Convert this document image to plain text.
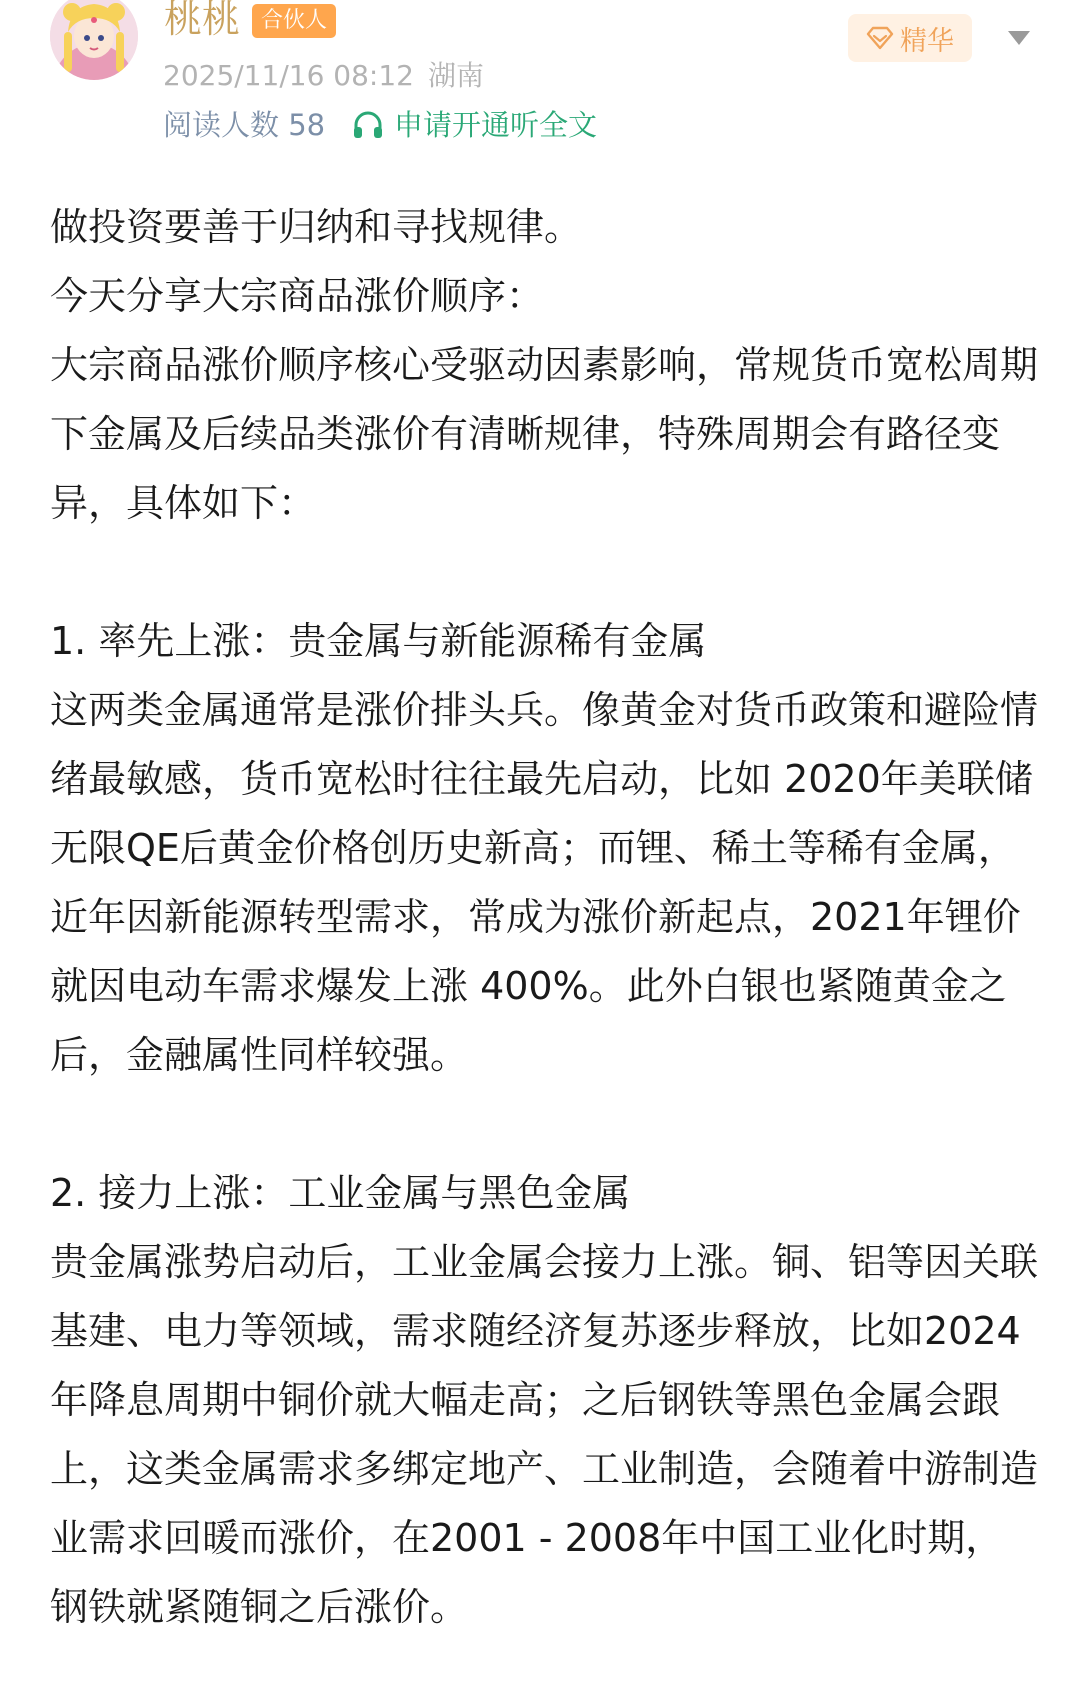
桃桃 合伙人
2025/11/16 08:12 湖南
阅读人数 58 申请开通听全文
精华

做投资要善于归纳和寻找规律。

今天分享大宗商品涨价顺序：

大宗商品涨价顺序核心受驱动因素影响，常规货币宽松周期下金属及后续品类涨价有清晰规律，特殊周期会有路径变异，具体如下：

1. 率先上涨：贵金属与新能源稀有金属

这两类金属通常是涨价排头兵。像黄金对货币政策和避险情绪最敏感，货币宽松时往往最先启动，比如 2020年美联储无限QE后黄金价格创历史新高；而锂、稀土等稀有金属，近年因新能源转型需求，常成为涨价新起点，2021年锂价就因电动车需求爆发上涨 400%。此外白银也紧随黄金之后，金融属性同样较强。

2. 接力上涨：工业金属与黑色金属

贵金属涨势启动后，工业金属会接力上涨。铜、铝等因关联基建、电力等领域，需求随经济复苏逐步释放，比如2024年降息周期中铜价就大幅走高；之后钢铁等黑色金属会跟上，这类金属需求多绑定地产、工业制造，会随着中游制造业需求回暖而涨价，在2001 - 2008年中国工业化时期，钢铁就紧随铜之后涨价。
